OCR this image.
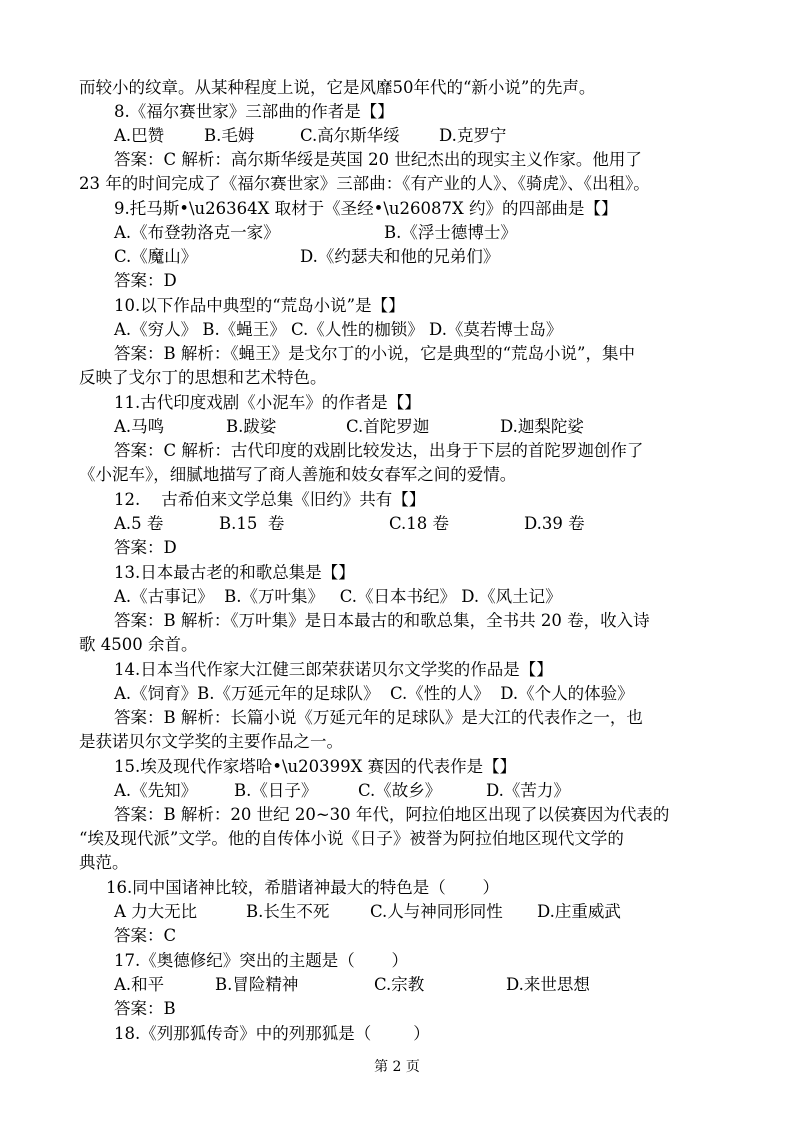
而较小的纹章。从某种程度上说，它是风靡50年代的“新小说”的先声。
8.《福尔赛世家》三部曲的作者是【】
A.巴赞 B.毛姆	C.高尔斯华绥 D.克罗宁
答案：C 解析：高尔斯华绥是英国 20 世纪杰出的现实主义作家。他用了
23 年的时间完成了《福尔赛世家》三部曲：《有产业的人》、《骑虎》、《出租》。
9.托马斯•\u26364X 取材于《圣经•\u26087X 约》的四部曲是【】
A.《布登勃洛克一家》	B.《浮士德博士》
C.《魔山》	D.《约瑟夫和他的兄弟们》
答案：D
10.以下作品中典型的“荒岛小说”是【】
A.《穷人》 B.《蝇王》 C.《人性的枷锁》 D.《莫若博士岛》
答案：B 解析：《蝇王》是戈尔丁的小说，它是典型的“荒岛小说”，集中
反映了戈尔丁的思想和艺术特色。
11.古代印度戏剧《小泥车》的作者是【】
A.马鸣	B.跋娑	C.首陀罗迦	D.迦梨陀娑
答案：C 解析：古代印度的戏剧比较发达，出身于下层的首陀罗迦创作了
《小泥车》，细腻地描写了商人善施和妓女春军之间的爱情。
12.    古希伯来文学总集《旧约》共有【】
A.5 卷	B.15  卷	C.18 卷	D.39 卷
答案：D
13.日本最古老的和歌总集是【】
A.《古事记》  B.《万叶集》   C.《日本书纪》 D.《风土记》
答案：B 解析：《万叶集》是日本最古的和歌总集，全书共 20 卷，收入诗
歌 4500 余首。
14.日本当代作家大江健三郎荣获诺贝尔文学奖的作品是【】
A.《饲育》B.《万延元年的足球队》  C.《性的人》  D.《个人的体验》
答案：B 解析：长篇小说《万延元年的足球队》是大江的代表作之一，也
是获诺贝尔文学奖的主要作品之一。
15.埃及现代作家塔哈•\u20399X 赛因的代表作是【】
A.《先知》 B.《日子》 C.《故乡》	D.《苦力》
答案：B 解析：20 世纪 20~30 年代，阿拉伯地区出现了以侯赛因为代表的
“埃及现代派”文学。他的自传体小说《日子》被誉为阿拉伯地区现代文学的
典范。
16.同中国诸神比较，希腊诸神最大的特色是（       ）
A 力大无比	B.长生不死 C.人与神同形同性 D.庄重威武
答案：C
17.《奥德修纪》突出的主题是（       ）
A.和平	B.冒险精神	C.宗教	D.来世思想
答案：B
18.《列那狐传奇》中的列那狐是（        ）
第 2 页
